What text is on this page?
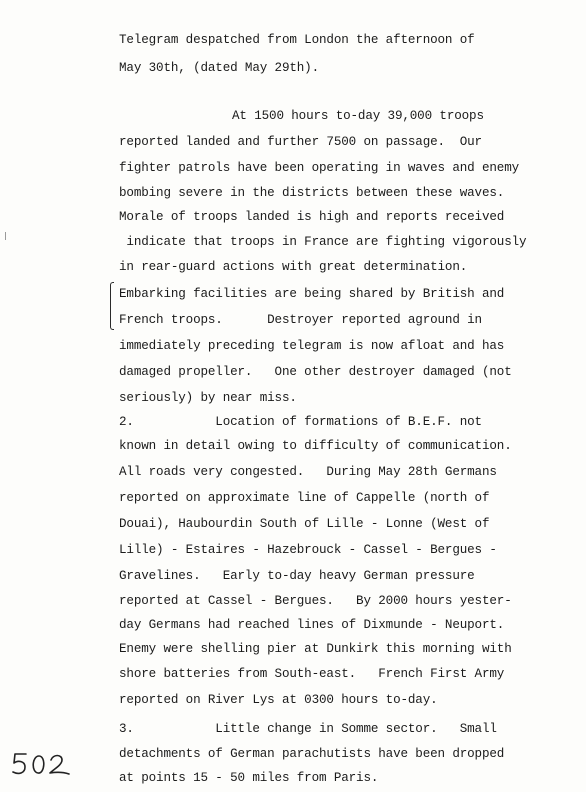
Telegram despatched from London the afternoon of
May 30th, (dated May 29th).
At 1500 hours to-day 39,000 troops
reported landed and further 7500 on passage.  Our
fighter patrols have been operating in waves and enemy
bombing severe in the districts between these waves.
Morale of troops landed is high and reports received
indicate that troops in France are fighting vigorously
in rear-guard actions with great determination.
Embarking facilities are being shared by British and
French troops.      Destroyer reported aground in
immediately preceding telegram is now afloat and has
damaged propeller.   One other destroyer damaged (not
seriously) by near miss.
2.           Location of formations of B.E.F. not
known in detail owing to difficulty of communication.
All roads very congested.   During May 28th Germans
reported on approximate line of Cappelle (north of
Douai), Haubourdin South of Lille - Lonne (West of
Lille) - Estaires - Hazebrouck - Cassel - Bergues -
Gravelines.   Early to-day heavy German pressure
reported at Cassel - Bergues.   By 2000 hours yester-
day Germans had reached lines of Dixmunde - Neuport.
Enemy were shelling pier at Dunkirk this morning with
shore batteries from South-east.   French First Army
reported on River Lys at 0300 hours to-day.
3.           Little change in Somme sector.   Small
detachments of German parachutists have been dropped
at points 15 - 50 miles from Paris.
